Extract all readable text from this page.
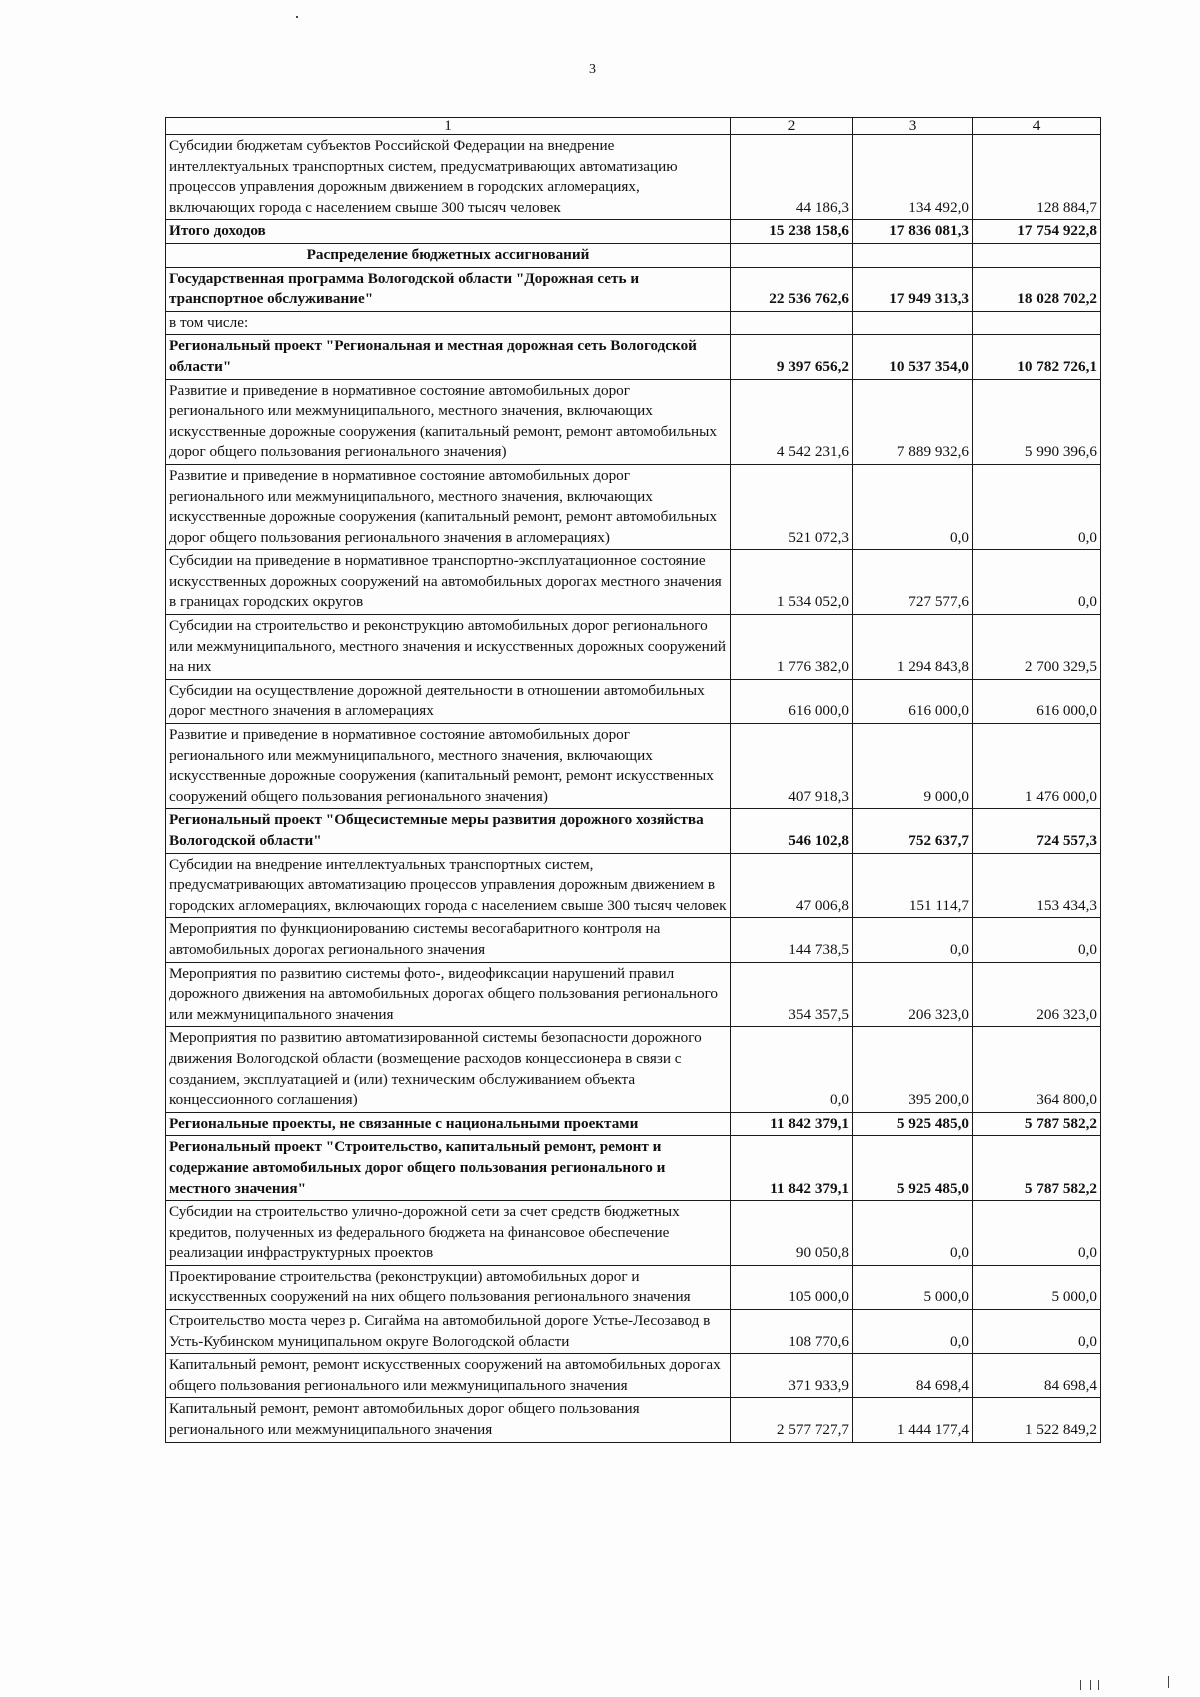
3
1	2	3	4
Субсидии бюджетам субъектов Российской Федерации на внедрение интеллектуальных транспортных систем, предусматривающих автоматизацию процессов управления дорожным движением в городских агломерациях, включающих города с населением свыше 300 тысяч человек	44 186,3	134 492,0	128 884,7
Итого доходов	15 238 158,6	17 836 081,3	17 754 922,8
Распределение бюджетных ассигнований			
Государственная программа Вологодской области "Дорожная сеть и транспортное обслуживание"	22 536 762,6	17 949 313,3	18 028 702,2
в том числе:			
Региональный проект "Региональная и местная дорожная сеть Вологодской области"	9 397 656,2	10 537 354,0	10 782 726,1
Развитие и приведение в нормативное состояние автомобильных дорог регионального или межмуниципального, местного значения, включающих искусственные дорожные сооружения (капитальный ремонт, ремонт автомобильных дорог общего пользования регионального значения)	4 542 231,6	7 889 932,6	5 990 396,6
Развитие и приведение в нормативное состояние автомобильных дорог регионального или межмуниципального, местного значения, включающих искусственные дорожные сооружения (капитальный ремонт, ремонт автомобильных дорог общего пользования регионального значения в агломерациях)	521 072,3	0,0	0,0
Субсидии на приведение в нормативное транспортно-эксплуатационное состояние искусственных дорожных сооружений на автомобильных дорогах местного значения в границах городских округов	1 534 052,0	727 577,6	0,0
Субсидии на строительство и реконструкцию автомобильных дорог регионального или межмуниципального, местного значения и искусственных дорожных сооружений на них	1 776 382,0	1 294 843,8	2 700 329,5
Субсидии на осуществление дорожной деятельности в отношении автомобильных дорог местного значения в агломерациях	616 000,0	616 000,0	616 000,0
Развитие и приведение в нормативное состояние автомобильных дорог регионального или межмуниципального, местного значения, включающих искусственные дорожные сооружения (капитальный ремонт, ремонт искусственных сооружений общего пользования регионального значения)	407 918,3	9 000,0	1 476 000,0
Региональный проект "Общесистемные меры развития дорожного хозяйства Вологодской области"	546 102,8	752 637,7	724 557,3
Субсидии на внедрение интеллектуальных транспортных систем, предусматривающих автоматизацию процессов управления дорожным движением в городских агломерациях, включающих города с населением свыше 300 тысяч человек	47 006,8	151 114,7	153 434,3
Мероприятия по функционированию системы весогабаритного контроля на автомобильных дорогах регионального значения	144 738,5	0,0	0,0
Мероприятия по развитию системы фото-, видеофиксации нарушений правил дорожного движения на автомобильных дорогах общего пользования регионального или межмуниципального значения	354 357,5	206 323,0	206 323,0
Мероприятия по развитию автоматизированной системы безопасности дорожного движения Вологодской области (возмещение расходов концессионера в связи с созданием, эксплуатацией и (или) техническим обслуживанием объекта концессионного соглашения)	0,0	395 200,0	364 800,0
Региональные проекты, не связанные с национальными проектами	11 842 379,1	5 925 485,0	5 787 582,2
Региональный проект "Строительство, капитальный ремонт, ремонт и содержание автомобильных дорог общего пользования регионального и местного значения"	11 842 379,1	5 925 485,0	5 787 582,2
Субсидии на строительство улично-дорожной сети за счет средств бюджетных кредитов, полученных из федерального бюджета на финансовое обеспечение реализации инфраструктурных проектов	90 050,8	0,0	0,0
Проектирование строительства (реконструкции) автомобильных дорог и искусственных сооружений на них общего пользования регионального значения	105 000,0	5 000,0	5 000,0
Строительство моста через р. Сигайма на автомобильной дороге Устье-Лесозавод в Усть-Кубинском муниципальном округе Вологодской области	108 770,6	0,0	0,0
Капитальный ремонт, ремонт искусственных сооружений на автомобильных дорогах общего пользования регионального или межмуниципального значения	371 933,9	84 698,4	84 698,4
Капитальный ремонт, ремонт автомобильных дорог общего пользования регионального или межмуниципального значения	2 577 727,7	1 444 177,4	1 522 849,2
